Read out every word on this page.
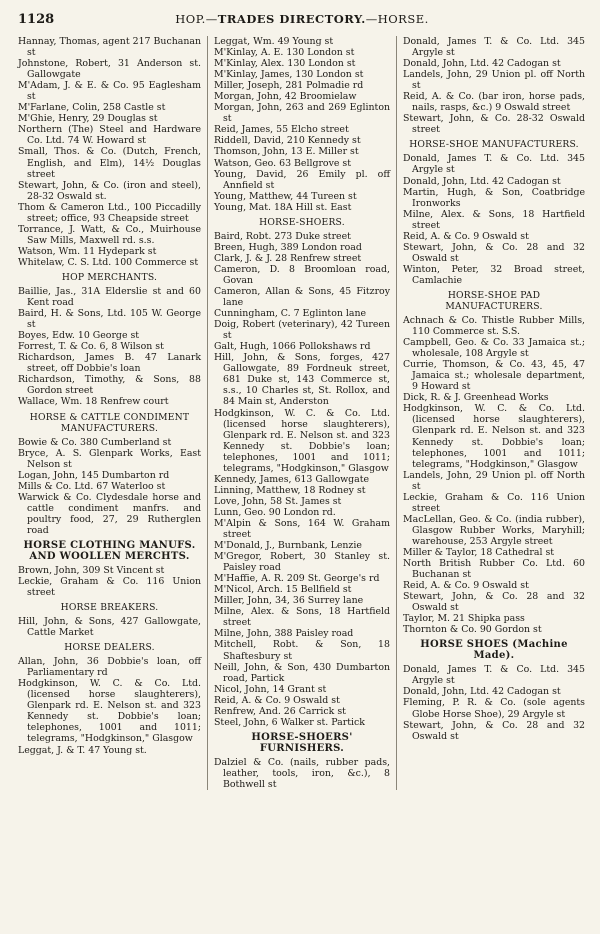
1128	HOP.—TRADES DIRECTORY.—HORSE.
Hannay, Thomas, agent 217 Buchanan st
Johnstone, Robert, 31 Anderson st. Gallowgate
M'Adam, J. & E. & Co. 95 Eaglesham st
M'Farlane, Colin, 258 Castle st
M'Ghie, Henry, 29 Douglas st
Northern (The) Steel and Hardware Co. Ltd. 74 W. Howard st
Small, Thos. & Co. (Dutch, French, English, and Elm), 14½ Douglas street
Stewart, John, & Co. (iron and steel), 28-32 Oswald st.
Thom & Cameron Ltd., 100 Piccadilly street; office, 93 Cheapside street
Torrance, J. Watt, & Co., Muirhouse Saw Mills, Maxwell rd. s.s.
Watson, Wm. 11 Hydepark st
Whitelaw, C. S. Ltd. 100 Commerce st
HOP MERCHANTS.
Baillie, Jas., 31A Elderslie st and 60 Kent road
Baird, H. & Sons, Ltd. 105 W. George st
Boyes, Edw. 10 George st
Forrest, T. & Co. 6, 8 Wilson st
Richardson, James B. 47 Lanark street, off Dobbie's loan
Richardson, Timothy, & Sons, 88 Gordon street
Wallace, Wm. 18 Renfrew court
HORSE & CATTLE CONDIMENT MANUFACTURERS.
Bowie & Co. 380 Cumberland st
Bryce, A. S. Glenpark Works, East Nelson st
Logan, John, 145 Dumbarton rd
Mills & Co. Ltd. 67 Waterloo st
Warwick & Co. Clydesdale horse and cattle condiment manfrs. and poultry food, 27, 29 Rutherglen road
HORSE CLOTHING MANUFS. AND WOOLLEN MERCHTS.
Brown, John, 309 St Vincent st
Leckie, Graham & Co. 116 Union street
HORSE BREAKERS.
Hill, John, & Sons, 427 Gallowgate, Cattle Market
HORSE DEALERS.
Allan, John, 36 Dobbie's loan, off Parliamentary rd
Hodgkinson, W. C. & Co. Ltd. (licensed horse slaughterers), Glenpark rd. E. Nelson st. and 323 Kennedy st. Dobbie's loan; telephones, 1001 and 1011; telegrams, "Hodgkinson," Glasgow
Leggat, J. & T. 47 Young st.
Leggat, Wm. 49 Young st
M'Kinlay, A. E. 130 London st
M'Kinlay, Alex. 130 London st
M'Kinlay, James, 130 London st
Miller, Joseph, 281 Polmadie rd
Morgan, John, 42 Broomielaw
Morgan, John, 263 and 269 Eglinton st
Reid, James, 55 Elcho street
Riddell, David, 210 Kennedy st
Thomson, John, 13 E. Miller st
Watson, Geo. 63 Bellgrove st
Young, David, 26 Emily pl. off Annfield st
Young, Matthew, 44 Tureen st
Young, Mat. 18A Hill st. East
HORSE-SHOERS.
Baird, Robt. 273 Duke street
Breen, Hugh, 389 London road
Clark, J. & J. 28 Renfrew street
Cameron, D. 8 Broomloan road, Govan
Cameron, Allan & Sons, 45 Fitzroy lane
Cunningham, C. 7 Eglinton lane
Doig, Robert (veterinary), 42 Tureen st
Galt, Hugh, 1066 Pollokshaws rd
Hill, John, & Sons, forges, 427 Gallowgate, 89 Fordneuk street, 681 Duke st, 143 Commerce st, s.s., 10 Charles st, St. Rollox, and 84 Main st, Anderston
Hodgkinson, W. C. & Co. Ltd. (licensed horse slaughterers), Glenpark rd. E. Nelson st. and 323 Kennedy st. Dobbie's loan; telephones, 1001 and 1011; telegrams, "Hodgkinson," Glasgow
Kennedy, James, 613 Gallowgate
Linning, Matthew, 18 Rodney st
Love, John, 58 St. James st
Lunn, Geo. 90 London rd.
M'Alpin & Sons, 164 W. Graham street
M'Donald, J., Burnbank, Lenzie
M'Gregor, Robert, 30 Stanley st. Paisley road
M'Haffie, A. R. 209 St. George's rd
M'Nicol, Arch. 15 Bellfield st
Miller, John, 34, 36 Surrey lane
Milne, Alex. & Sons, 18 Hartfield street
Milne, John, 388 Paisley road
Mitchell, Robt. & Son, 18 Shaftesbury st
Neill, John, & Son, 430 Dumbarton road, Partick
Nicol, John, 14 Grant st
Reid, A. & Co. 9 Oswald st
Renfrew, And. 26 Carrick st
Steel, John, 6 Walker st. Partick
HORSE-SHOERS' FURNISHERS.
Dalziel & Co. (nails, rubber pads, leather, tools, iron, &c.), 8 Bothwell st
Donald, James T. & Co. Ltd. 345 Argyle st
Donald, John, Ltd. 42 Cadogan st
Landels, John, 29 Union pl. off North st
Reid, A. & Co. (bar iron, horse pads, nails, rasps, &c.) 9 Oswald street
Stewart, John, & Co. 28-32 Oswald street
HORSE-SHOE MANUFACTURERS.
Donald, James T. & Co. Ltd. 345 Argyle st
Donald, John, Ltd. 42 Cadogan st
Martin, Hugh, & Son, Coatbridge Ironworks
Milne, Alex. & Sons, 18 Hartfield street
Reid, A. & Co. 9 Oswald st
Stewart, John, & Co. 28 and 32 Oswald st
Winton, Peter, 32 Broad street, Camlachie
HORSE-SHOE PAD MANUFACTURERS.
Achnach & Co. Thistle Rubber Mills, 110 Commerce st. S.S.
Campbell, Geo. & Co. 33 Jamaica st.; wholesale, 108 Argyle st
Currie, Thomson, & Co. 43, 45, 47 Jamaica st.; wholesale department, 9 Howard st
Dick, R. & J. Greenhead Works
Hodgkinson, W. C. & Co. Ltd. (licensed horse slaughterers), Glenpark rd. E. Nelson st. and 323 Kennedy st. Dobbie's loan; telephones, 1001 and 1011; telegrams, "Hodgkinson," Glasgow
Landels, John, 29 Union pl. off North st
Leckie, Graham & Co. 116 Union street
MacLellan, Geo. & Co. (india rubber), Glasgow Rubber Works, Maryhill; warehouse, 253 Argyle street
Miller & Taylor, 18 Cathedral st
North British Rubber Co. Ltd. 60 Buchanan st
Reid, A. & Co. 9 Oswald st
Stewart, John, & Co. 28 and 32 Oswald st
Taylor, M. 21 Shipka pass
Thornton & Co. 90 Gordon st
HORSE SHOES (Machine Made).
Donald, James T. & Co. Ltd. 345 Argyle st
Donald, John, Ltd. 42 Cadogan st
Fleming, P. R. & Co. (sole agents Globe Horse Shoe), 29 Argyle st
Stewart, John, & Co. 28 and 32 Oswald st
